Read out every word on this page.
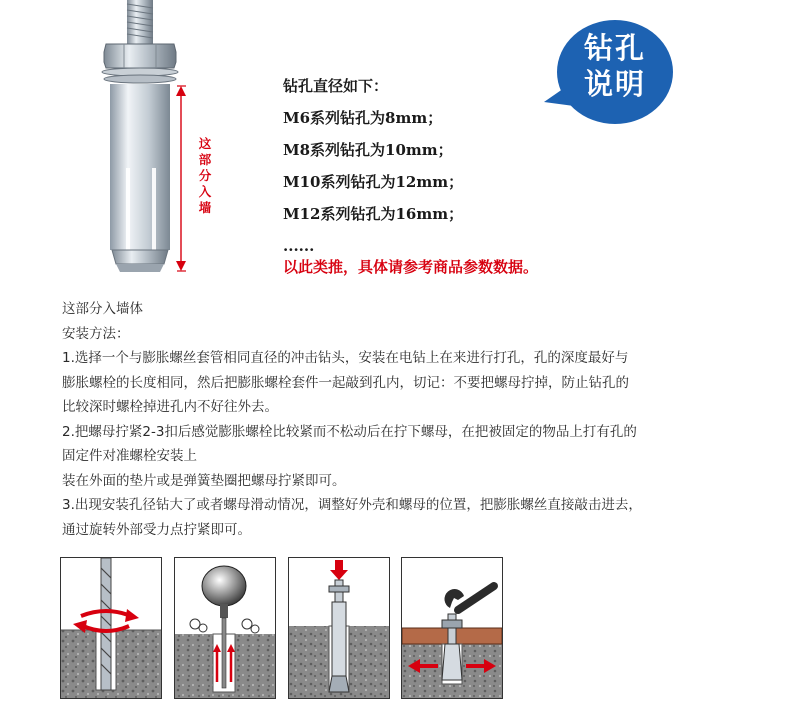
这
部
分
入
墙
钻孔直径如下：
M6系列钻孔为8mm；
M8系列钻孔为10mm；
M10系列钻孔为12mm；
M12系列钻孔为16mm；
......
以此类推，具体请参考商品参数数据。
钻孔
说明
这部分入墙体
安装方法：
1.选择一个与膨胀螺丝套管相同直径的冲击钻头，安装在电钻上在来进行打孔，孔的深度最好与
膨胀螺栓的长度相同，然后把膨胀螺栓套件一起敲到孔内，切记：不要把螺母拧掉，防止钻孔的
比较深时螺栓掉进孔内不好往外去。
2.把螺母拧紧2-3扣后感觉膨胀螺栓比较紧而不松动后在拧下螺母，在把被固定的物品上打有孔的
固定件对准螺栓安装上
装在外面的垫片或是弹簧垫圈把螺母拧紧即可。
3.出现安装孔径钻大了或者螺母滑动情况，调整好外壳和螺母的位置，把膨胀螺丝直接敲击进去，
通过旋转外部受力点拧紧即可。
